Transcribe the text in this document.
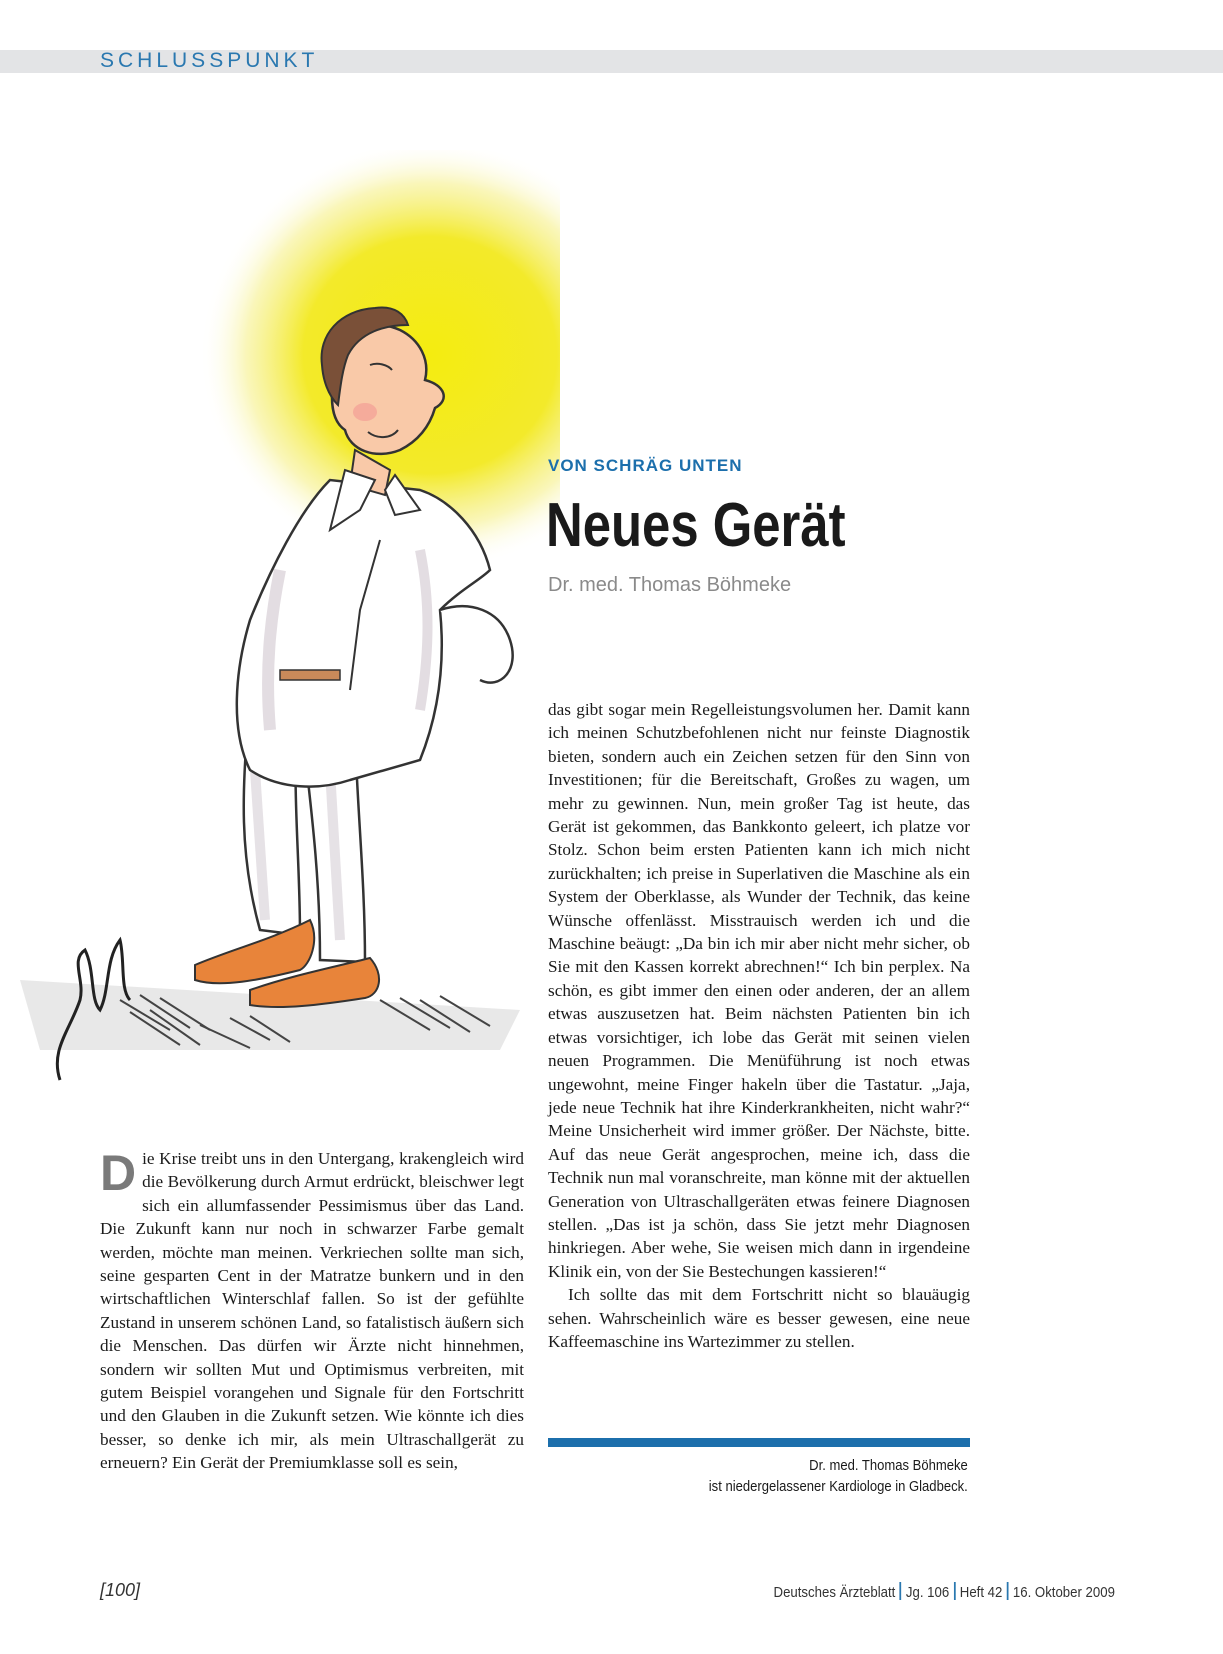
SCHLUSSPUNKT
VON SCHRÄG UNTEN
Neues Gerät
Dr. med. Thomas Böhmeke
Die Krise treibt uns in den Untergang, krakengleich wird die Bevölkerung durch Armut erdrückt, bleischwer legt sich ein allumfassender Pessimismus über das Land. Die Zukunft kann nur noch in schwarzer Farbe gemalt werden, möchte man meinen. Verkriechen sollte man sich, seine gesparten Cent in der Matratze bunkern und in den wirtschaftlichen Winterschlaf fallen. So ist der gefühlte Zustand in unserem schönen Land, so fatalistisch äußern sich die Menschen. Das dürfen wir Ärzte nicht hinnehmen, sondern wir sollten Mut und Optimismus verbreiten, mit gutem Beispiel vorangehen und Signale für den Fortschritt und den Glauben in die Zukunft setzen. Wie könnte ich dies besser, so denke ich mir, als mein Ultraschallgerät zu erneuern? Ein Gerät der Premiumklasse soll es sein,

das gibt sogar mein Regelleistungsvolumen her. Damit kann ich meinen Schutzbefohlenen nicht nur feinste Diagnostik bieten, sondern auch ein Zeichen setzen für den Sinn von Investitionen; für die Bereitschaft, Großes zu wagen, um mehr zu gewinnen. Nun, mein großer Tag ist heute, das Gerät ist gekommen, das Bankkonto geleert, ich platze vor Stolz. Schon beim ersten Patienten kann ich mich nicht zurückhalten; ich preise in Superlativen die Maschine als ein System der Oberklasse, als Wunder der Technik, das keine Wünsche offenlässt. Misstrauisch werden ich und die Maschine beäugt: „Da bin ich mir aber nicht mehr sicher, ob Sie mit den Kassen korrekt abrechnen!“ Ich bin perplex. Na schön, es gibt immer den einen oder anderen, der an allem etwas auszusetzen hat. Beim nächsten Patienten bin ich etwas vorsichtiger, ich lobe das Gerät mit seinen vielen neuen Programmen. Die Menüführung ist noch etwas ungewohnt, meine Finger hakeln über die Tastatur. „Jaja, jede neue Technik hat ihre Kinderkrankheiten, nicht wahr?“ Meine Unsicherheit wird immer größer. Der Nächste, bitte. Auf das neue Gerät angesprochen, meine ich, dass die Technik nun mal voranschreite, man könne mit der aktuellen Generation von Ultraschallgeräten etwas feinere Diagnosen stellen. „Das ist ja schön, dass Sie jetzt mehr Diagnosen hinkriegen. Aber wehe, Sie weisen mich dann in irgendeine Klinik ein, von der Sie Bestechungen kassieren!“

Ich sollte das mit dem Fortschritt nicht so blauäugig sehen. Wahrscheinlich wäre es besser gewesen, eine neue Kaffeemaschine ins Wartezimmer zu stellen.

Dr. med. Thomas Böhmeke
ist niedergelassener Kardiologe in Gladbeck.
[100]	Deutsches Ärzteblatt Jg. 106 Heft 42 16. Oktober 2009
